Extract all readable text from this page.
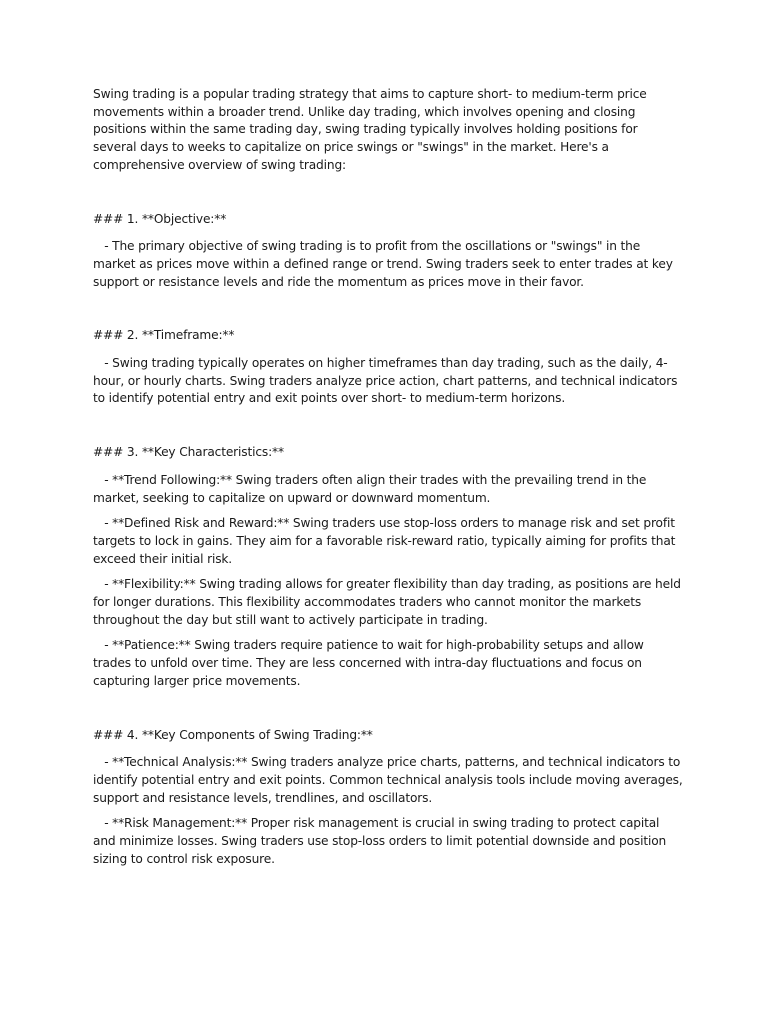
Swing trading is a popular trading strategy that aims to capture short- to medium-term price movements within a broader trend. Unlike day trading, which involves opening and closing positions within the same trading day, swing trading typically involves holding positions for several days to weeks to capitalize on price swings or "swings" in the market. Here's a comprehensive overview of swing trading:

### 1. **Objective:**

- The primary objective of swing trading is to profit from the oscillations or "swings" in the market as prices move within a defined range or trend. Swing traders seek to enter trades at key support or resistance levels and ride the momentum as prices move in their favor.

### 2. **Timeframe:**

- Swing trading typically operates on higher timeframes than day trading, such as the daily, 4-hour, or hourly charts. Swing traders analyze price action, chart patterns, and technical indicators to identify potential entry and exit points over short- to medium-term horizons.

### 3. **Key Characteristics:**

- **Trend Following:** Swing traders often align their trades with the prevailing trend in the market, seeking to capitalize on upward or downward momentum.

- **Defined Risk and Reward:** Swing traders use stop-loss orders to manage risk and set profit targets to lock in gains. They aim for a favorable risk-reward ratio, typically aiming for profits that exceed their initial risk.

- **Flexibility:** Swing trading allows for greater flexibility than day trading, as positions are held for longer durations. This flexibility accommodates traders who cannot monitor the markets throughout the day but still want to actively participate in trading.

- **Patience:** Swing traders require patience to wait for high-probability setups and allow trades to unfold over time. They are less concerned with intra-day fluctuations and focus on capturing larger price movements.

### 4. **Key Components of Swing Trading:**

- **Technical Analysis:** Swing traders analyze price charts, patterns, and technical indicators to identify potential entry and exit points. Common technical analysis tools include moving averages, support and resistance levels, trendlines, and oscillators.

- **Risk Management:** Proper risk management is crucial in swing trading to protect capital and minimize losses. Swing traders use stop-loss orders to limit potential downside and position sizing to control risk exposure.
